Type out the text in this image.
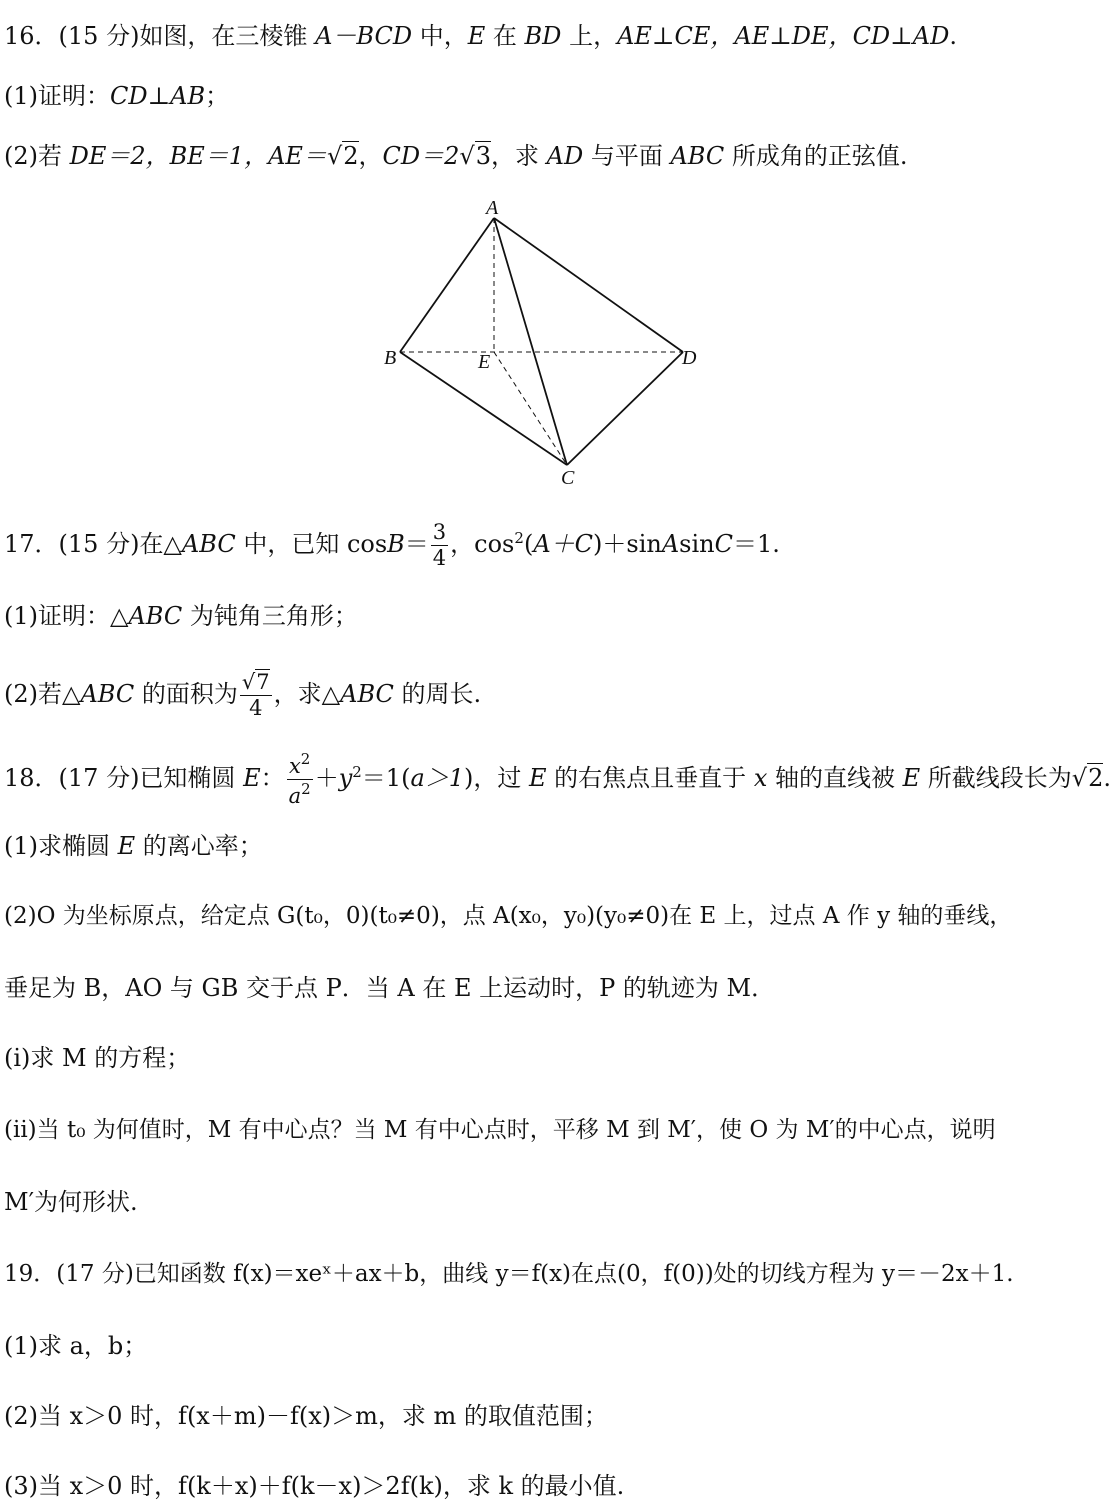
16．(15 分)如图，在三棱锥 A－BCD 中，E 在 BD 上，AE⊥CE，AE⊥DE，CD⊥AD.
(1)证明：CD⊥AB；
(2)若 DE＝2，BE＝1，AE＝√2，CD＝2√3，求 AD 与平面 ABC 所成角的正弦值.
A
B	E	D
C
17．(15 分)在△ABC 中，已知 $\cos B= \frac{3}{4}$ ，$\cos^2(A+C)+sinAsinC=1$.
(1)证明：△ABC 为钝角三角形；
(2)若△ABC 的面积为 $\frac{√7}{4}$ ，求△ABC 的周长.
18．(17 分)已知椭圆 E： $\frac{x^2}{a^2} +y^2=1(a>1)$，过 E 的右焦点且垂直于 x 轴的直线被 E 所截线段长为√2.
(1)求椭圆 E 的离心率；
(2)O 为坐标原点，给定点 G(t₀，0)(t₀≠0)，点 A(x₀，y₀)(y₀≠0)在 E 上，过点 A 作 y 轴的垂线，
垂足为 B，AO 与 GB 交于点 P．当 A 在 E 上运动时，P 的轨迹为 M．
(i)求 M 的方程；
(ii)当 t₀ 为何值时，M 有中心点？当 M 有中心点时，平移 M 到 M′，使 O 为 M′的中心点，说明
M′为何形状.
19．(17 分)已知函数 f(x)＝xeˣ＋ax＋b，曲线 y＝f(x)在点(0，f(0))处的切线方程为 y＝－2x＋1.
(1)求 a，b；
(2)当 x＞0 时，f(x＋m)－f(x)＞m，求 m 的取值范围；
(3)当 x＞0 时，f(k＋x)＋f(k－x)＞2f(k)，求 k 的最小值.
